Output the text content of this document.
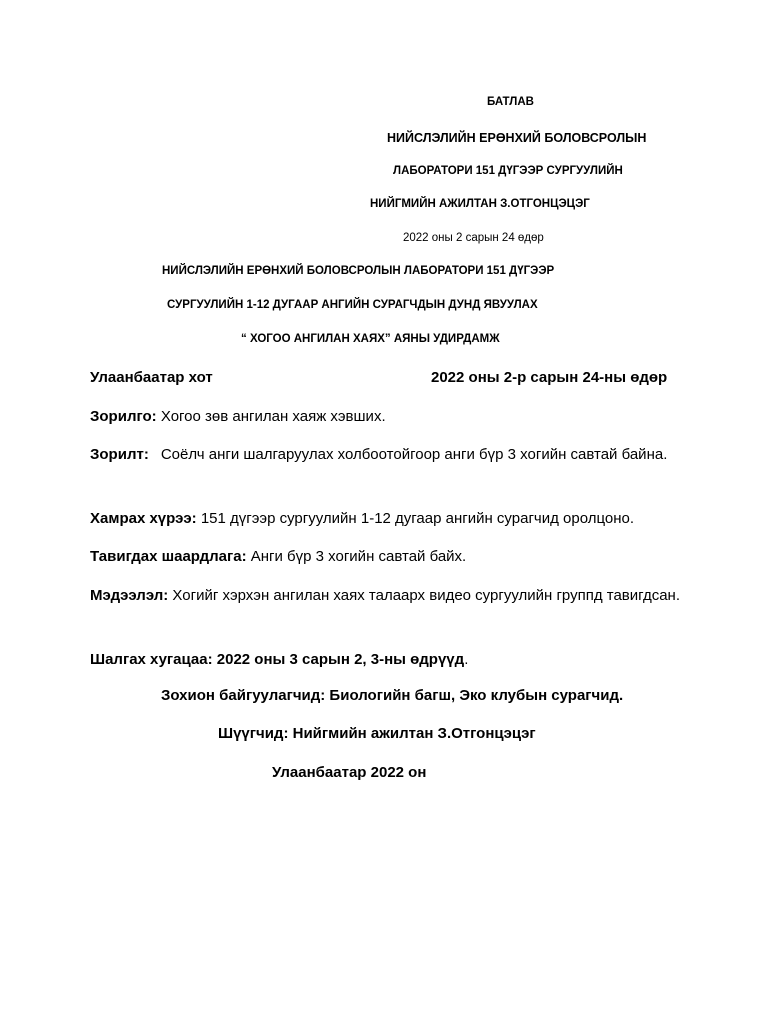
БАТЛАВ
НИЙСЛЭЛИЙН ЕРӨНХИЙ БОЛОВСРОЛЫН
ЛАБОРАТОРИ 151 ДҮГЭЭР СУРГУУЛИЙН
НИЙГМИЙН АЖИЛТАН З.ОТГОНЦЭЦЭГ
2022 оны 2 сарын 24 өдөр
НИЙСЛЭЛИЙН ЕРӨНХИЙ БОЛОВСРОЛЫН ЛАБОРАТОРИ 151 ДҮГЭЭР
СУРГУУЛИЙН 1-12 ДУГААР АНГИЙН СУРАГЧДЫН ДУНД ЯВУУЛАХ
“ ХОГОО АНГИЛАН ХАЯХ” АЯНЫ УДИРДАМЖ
Улаанбаатар хот	2022 оны 2-р сарын 24-ны өдөр
Зорилго: Хогоо зөв ангилан хаяж хэвших.
Зорилт: Соёлч анги шалгаруулах холбоотойгоор анги бүр 3 хогийн савтай байна.
Хамрах хүрээ: 151 дүгээр сургуулийн 1-12 дугаар ангийн сурагчид оролцоно.
Тавигдах шаардлага: Анги бүр 3 хогийн савтай байх.
Мэдээлэл: Хогийг хэрхэн ангилан хаях талаарх видео сургуулийн группд тавигдсан.
Шалгах хугацаа: 2022 оны 3 сарын 2, 3-ны өдрүүд.
Зохион байгуулагчид: Биологийн багш, Эко клубын сурагчид.
Шүүгчид: Нийгмийн ажилтан З.Отгонцэцэг
Улаанбаатар 2022 он
